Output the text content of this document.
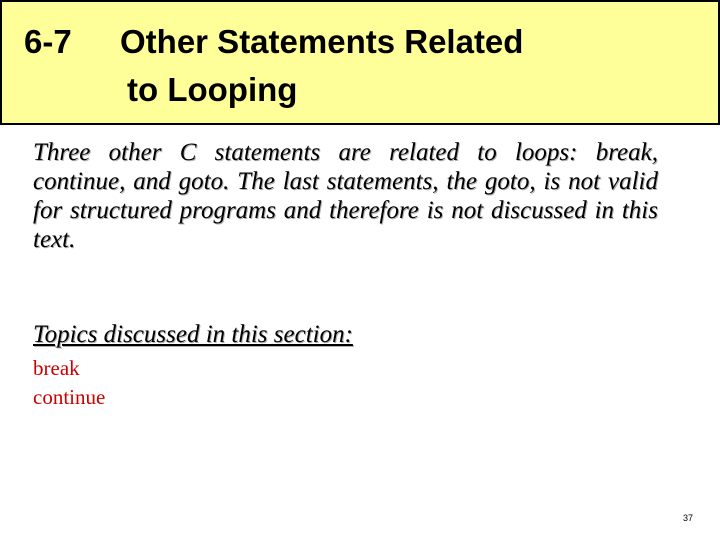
6-7 Other Statements Related
to Looping

Three other C statements are related to loops: break, continue, and goto. The last statements, the goto, is not valid for structured programs and therefore is not discussed in this text.

Topics discussed in this section:

break
continue
37
